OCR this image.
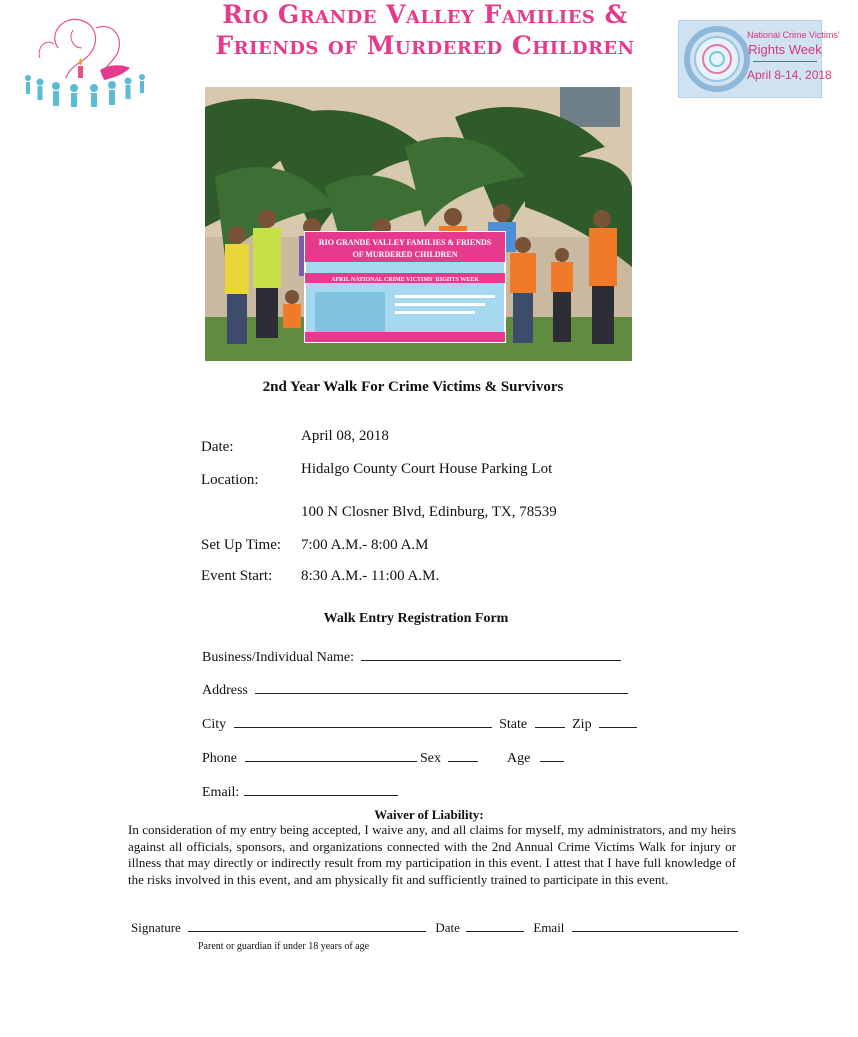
Rio Grande Valley Families &
Friends of Murdered Children	National Crime Victims'
Rights Week
April 8-14, 2018
RIO GRANDE VALLEY FAMILIES & FRIENDS
OF MURDERED CHILDREN
APRIL NATIONAL CRIME VICTIMS' RIGHTS WEEK
2nd Year Walk For Crime Victims & Survivors
Date:
April 08, 2018
Location:
Hidalgo County Court House Parking Lot
100 N Closner Blvd, Edinburg, TX, 78539
Set Up Time: 7:00 A.M.- 8:00 A.M
Event Start: 8:30 A.M.- 11:00 A.M.
Walk Entry Registration Form
Business/Individual Name:
Address
City	State	Zip
Phone	Sex	Age
Email:
Waiver of Liability:
In consideration of my entry being accepted, I waive any, and all claims for myself, my administrators, and my heirs against all officials, sponsors, and organizations connected with the 2nd Annual Crime Victims Walk for injury or illness that may directly or indirectly result from my participation in this event. I attest that I have full knowledge of the risks involved in this event, and am physically fit and sufficiently trained to participate in this event.
Signature	Date	Email
Parent or guardian if under 18 years of age
